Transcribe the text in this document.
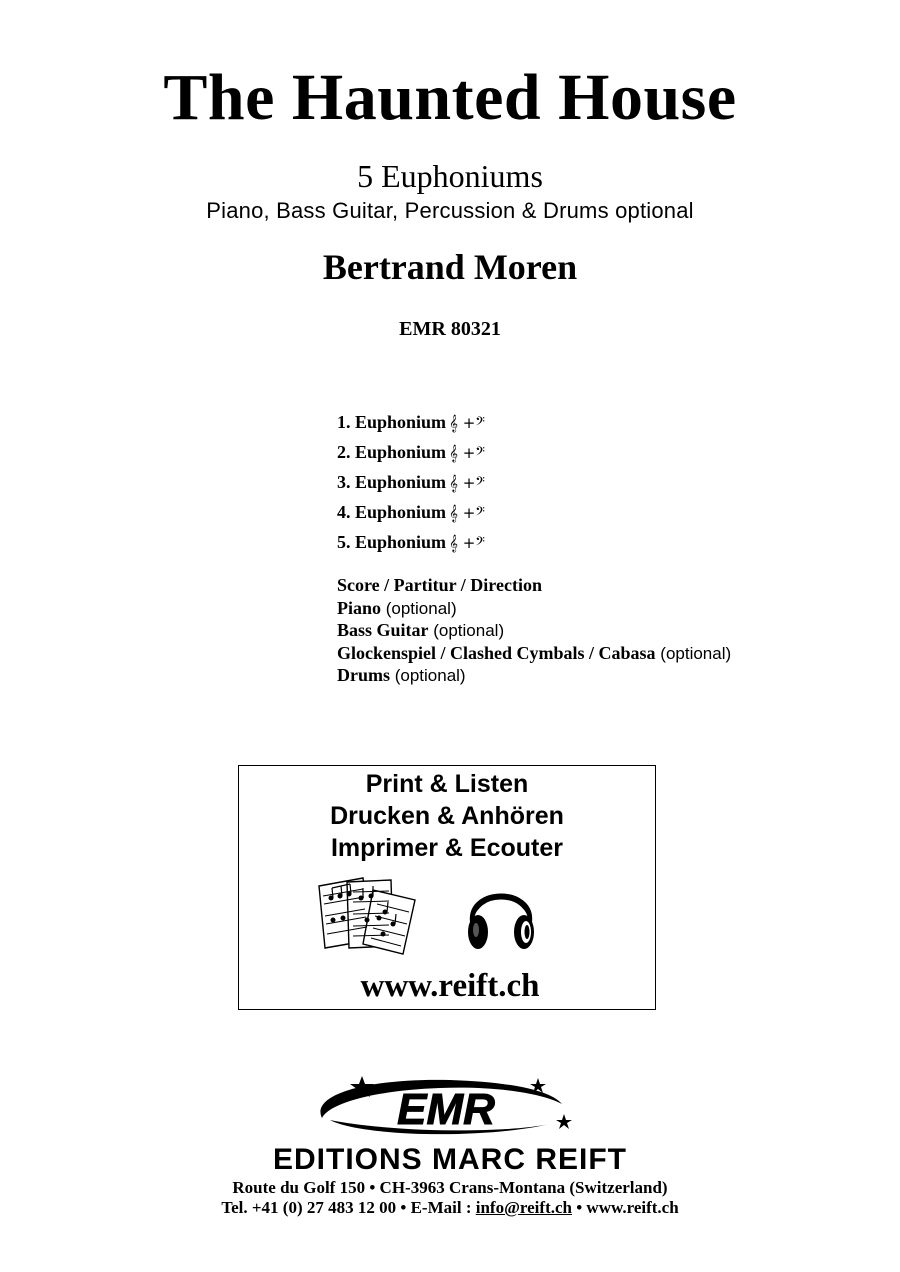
The Haunted House
5 Euphoniums
Piano, Bass Guitar, Percussion & Drums optional
Bertrand Moren
EMR 80321
1. Euphonium 𝄞 +𝄢
2. Euphonium 𝄞 +𝄢
3. Euphonium 𝄞 +𝄢
4. Euphonium 𝄞 +𝄢
5. Euphonium 𝄞 +𝄢
Score / Partitur / Direction
Piano (optional)
Bass Guitar (optional)
Glockenspiel / Clashed Cymbals / Cabasa (optional)
Drums (optional)
Print & Listen
Drucken & Anhören
Imprimer & Ecouter
www.reift.ch
EMR
EDITIONS MARC REIFT
Route du Golf 150 • CH-3963 Crans-Montana (Switzerland)
Tel. +41 (0) 27 483 12 00 • E-Mail : info@reift.ch • www.reift.ch
